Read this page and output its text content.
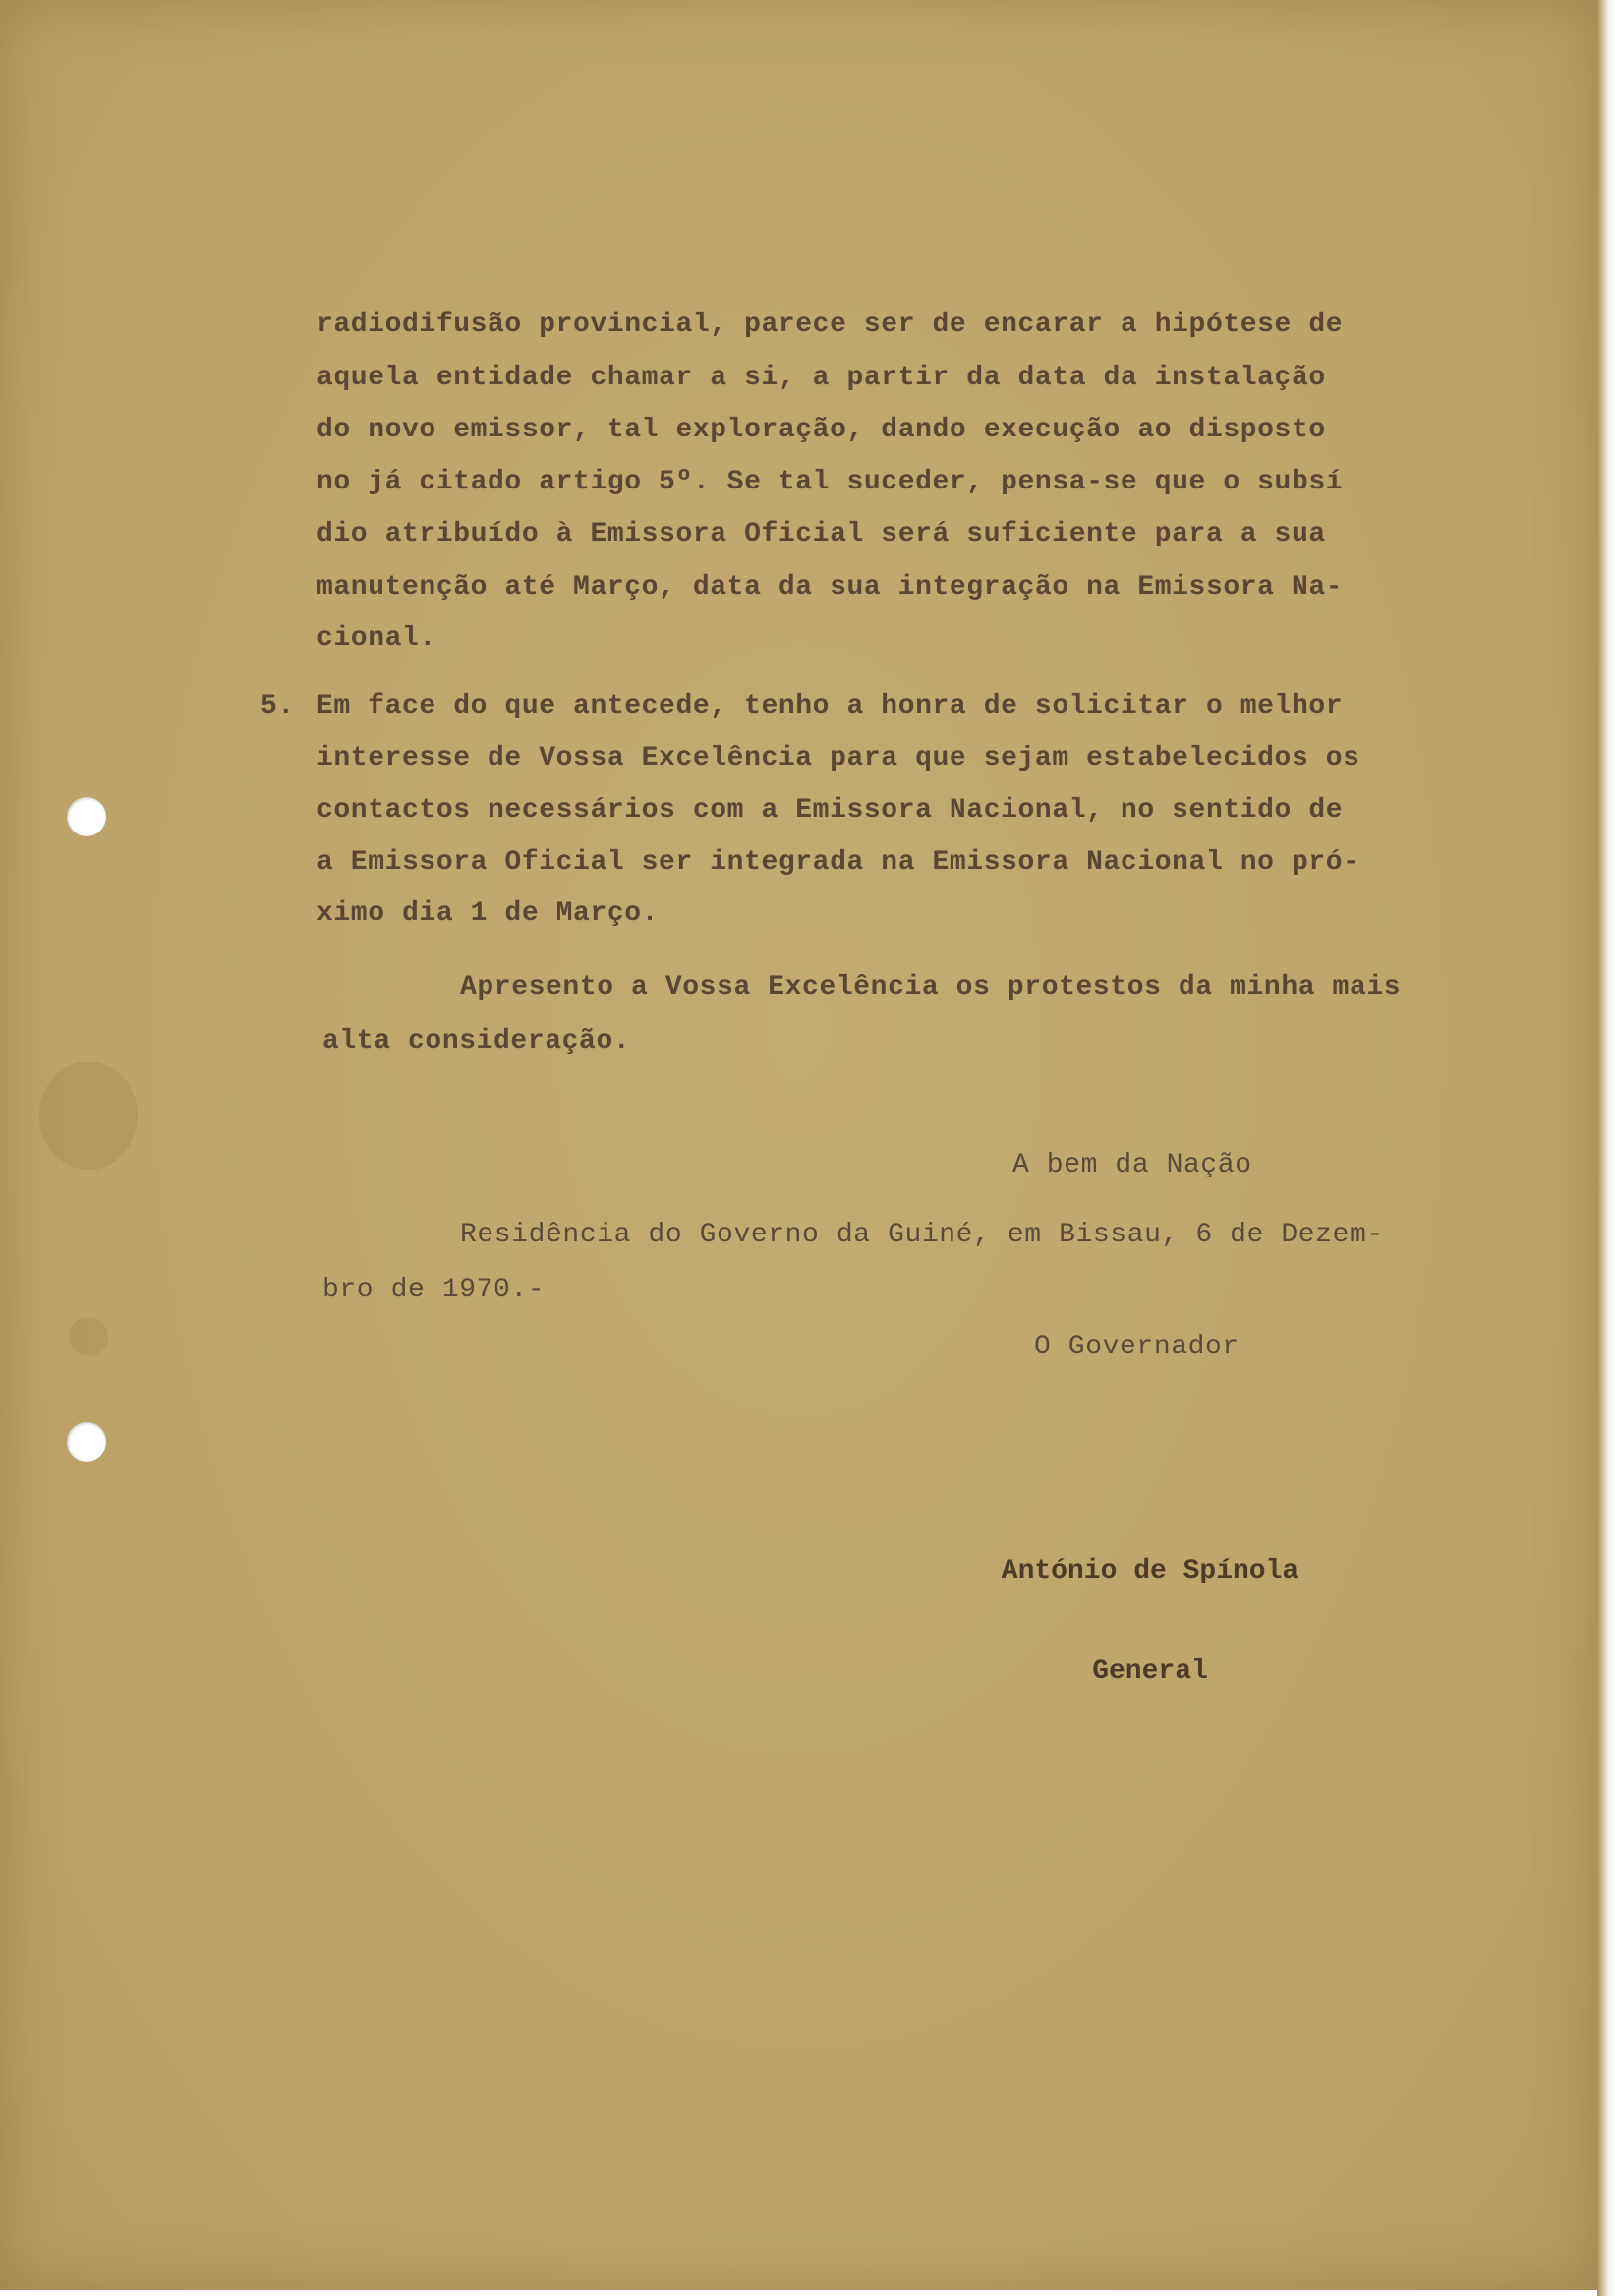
radiodifusão provincial, parece ser de encarar a hipótese de

aquela entidade chamar a si, a partir da data da instalação

do novo emissor, tal exploração, dando execução ao disposto

no já citado artigo 5º. Se tal suceder, pensa-se que o subsí

dio atribuído à Emissora Oficial será suficiente para a sua

manutenção até Março, data da sua integração na Emissora Na-

cional.

5. Em face do que antecede, tenho a honra de solicitar o melhor

interesse de Vossa Excelência para que sejam estabelecidos os

contactos necessários com a Emissora Nacional, no sentido de

a Emissora Oficial ser integrada na Emissora Nacional no pró-

ximo dia 1 de Março.

Apresento a Vossa Excelência os protestos da minha mais

alta consideração.

A bem da Nação

Residência do Governo da Guiné, em Bissau, 6 de Dezem-

bro de 1970.-

O Governador

António de Spínola

General
